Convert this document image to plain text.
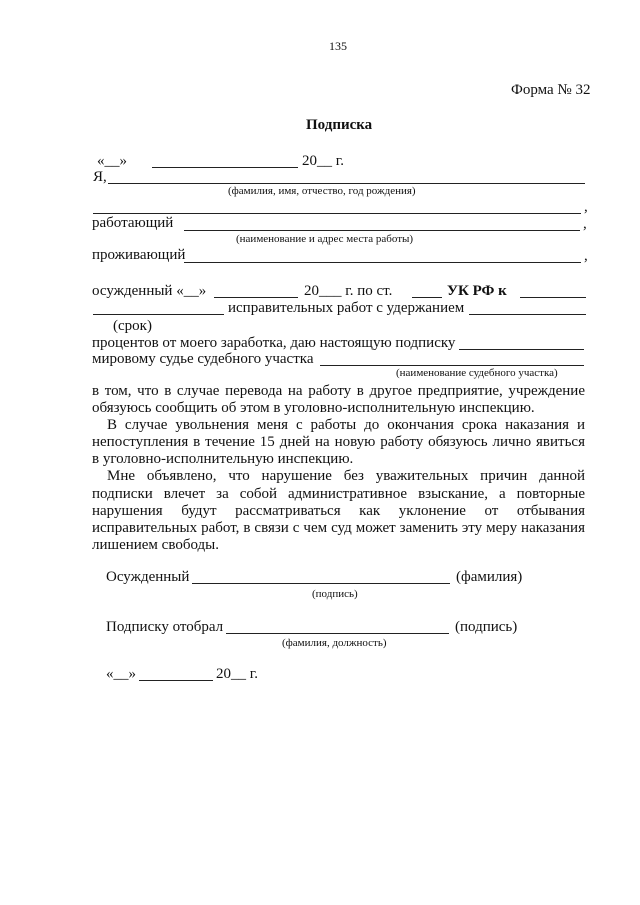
135
Форма № 32
Подписка
«__»	20__ г.
Я,
(фамилия, имя, отчество, год рождения)
,
работающий	,
(наименование и адрес места работы)
проживающий	,
осужденный «__»	20___ г. по ст.	УК РФ к
исправительных работ с удержанием
(срок)
процентов от моего заработка, даю настоящую подписку
мировому судье судебного участка
(наименование судебного участка)
в том, что в случае перевода на работу в другое предприятие, учреждение
обязуюсь сообщить об этом в уголовно-исполнительную инспекцию.
В случае увольнения меня с работы до окончания срока наказания и
непоступления в течение 15 дней на новую работу обязуюсь лично явиться
в уголовно-исполнительную инспекцию.
Мне объявлено, что нарушение без уважительных причин данной
подписки влечет за собой административное взыскание, а повторные
нарушения будут рассматриваться как уклонение от отбывания
исправительных работ, в связи с чем суд может заменить эту меру наказания
лишением свободы.
Осужденный	(фамилия)
(подпись)
Подписку отобрал	(подпись)
(фамилия, должность)
«__»	20__ г.
